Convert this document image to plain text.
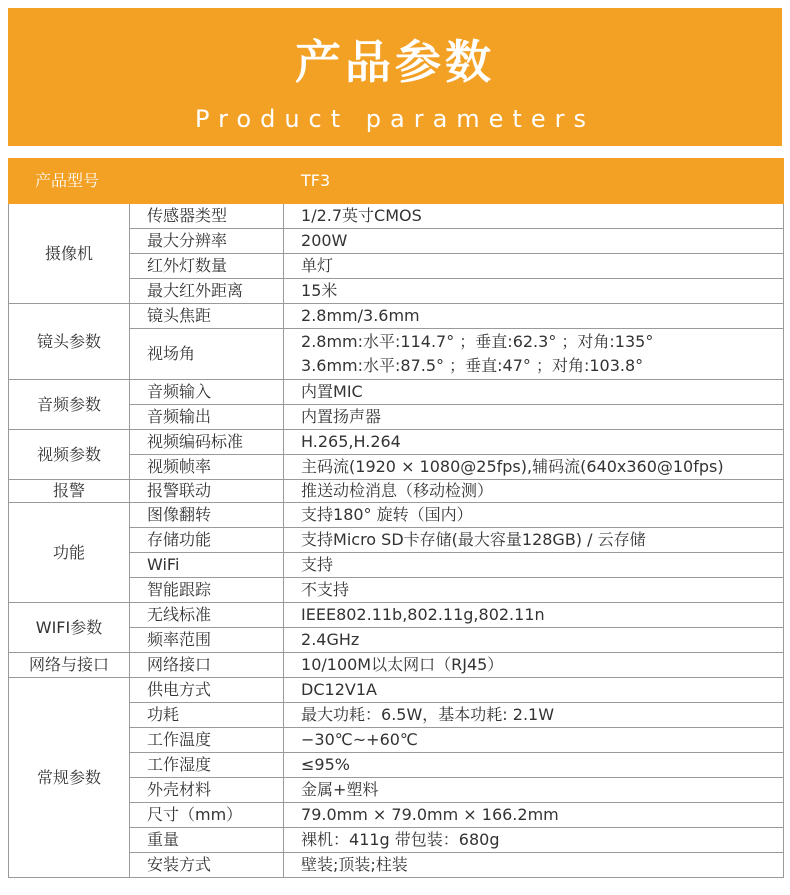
产品参数
Product parameters
产品型号		TF3
摄像机	传感器类型	1/2.7英寸CMOS
	最大分辨率	200W
	红外灯数量	单灯
	最大红外距离	15米
镜头参数	镜头焦距	2.8mm/3.6mm
	视场角	2.8mm:水平:114.7° ；垂直:62.3° ；对角:135°
3.6mm:水平:87.5° ；垂直:47° ；对角:103.8°

音频参数	音频输入	内置MIC
	音频输出	内置扬声器
视频参数	视频编码标准	H.265,H.264
	视频帧率	主码流(1920 × 1080@25fps),辅码流(640x360@10fps)
报警	报警联动	推送动检消息（移动检测）
功能	图像翻转	支持180° 旋转（国内）
	存储功能	支持Micro SD卡存储(最大容量128GB) / 云存储
	WiFi	支持
	智能跟踪	不支持
WIFI参数	无线标准	IEEE802.11b,802.11g,802.11n
	频率范围	2.4GHz
网络与接口	网络接口	10/100M以太网口（RJ45）
常规参数	供电方式	DC12V1A
	功耗	最大功耗：6.5W，基本功耗: 2.1W
	工作温度	−30℃~+60℃
	工作湿度	≤95%
	外壳材料	金属+塑料
	尺寸（mm）	79.0mm × 79.0mm × 166.2mm
	重量	裸机：411g 带包装：680g
	安装方式	壁装;顶装;柱装
